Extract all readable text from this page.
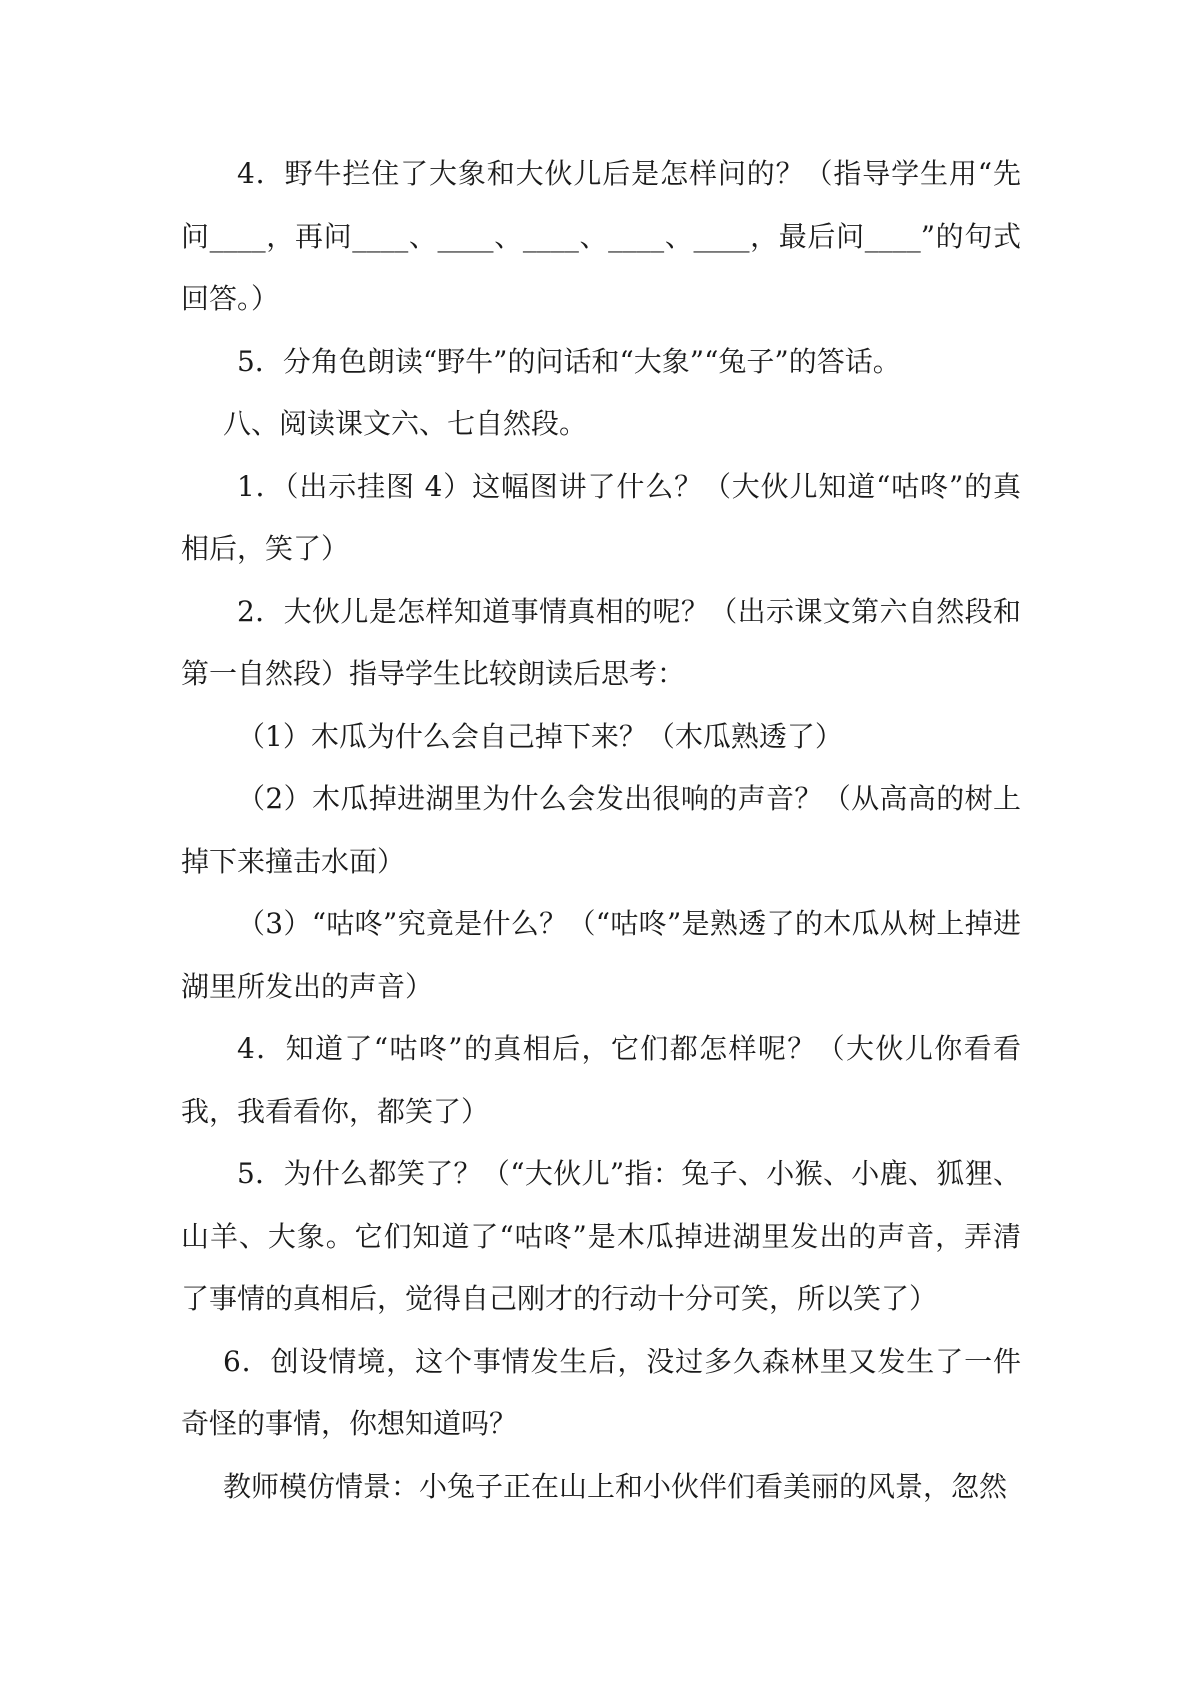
4．野牛拦住了大象和大伙儿后是怎样问的？（指导学生用“先问____，再问____、____、____、____、____，最后问____”的句式回答。）

5．分角色朗读“野牛”的问话和“大象”“兔子”的答话。

八、阅读课文六、七自然段。

1．（出示挂图 4）这幅图讲了什么？（大伙儿知道“咕咚”的真相后，笑了）

2．大伙儿是怎样知道事情真相的呢？（出示课文第六自然段和第一自然段）指导学生比较朗读后思考：

（1）木瓜为什么会自己掉下来？（木瓜熟透了）

（2）木瓜掉进湖里为什么会发出很响的声音？（从高高的树上掉下来撞击水面）

（3）“咕咚”究竟是什么？（“咕咚”是熟透了的木瓜从树上掉进湖里所发出的声音）

4．知道了“咕咚”的真相后，它们都怎样呢？（大伙儿你看看我，我看看你，都笑了）

5．为什么都笑了？（“大伙儿”指：兔子、小猴、小鹿、狐狸、山羊、大象。它们知道了“咕咚”是木瓜掉进湖里发出的声音，弄清了事情的真相后，觉得自己刚才的行动十分可笑，所以笑了）

6．创设情境，这个事情发生后，没过多久森林里又发生了一件奇怪的事情，你想知道吗？

教师模仿情景：小兔子正在山上和小伙伴们看美丽的风景，忽然
